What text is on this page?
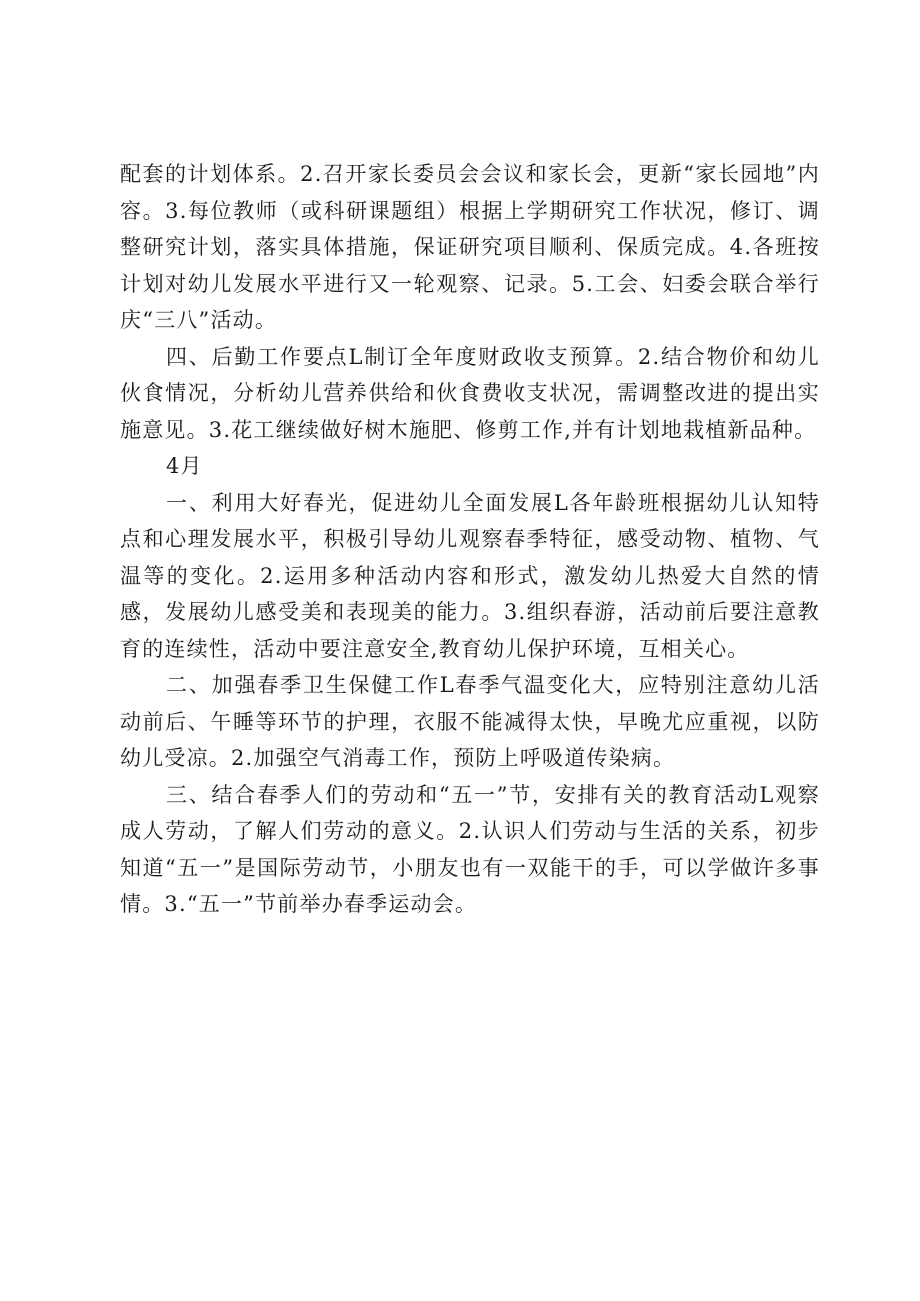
配套的计划体系。2.召开家长委员会会议和家长会，更新“家长园地”内容。3.每位教师（或科研课题组）根据上学期研究工作状况，修订、调整研究计划，落实具体措施，保证研究项目顺利、保质完成。4.各班按计划对幼儿发展水平进行又一轮观察、记录。5.工会、妇委会联合举行庆“三八”活动。

四、后勤工作要点L制订全年度财政收支预算。2.结合物价和幼儿伙食情况，分析幼儿营养供给和伙食费收支状况，需调整改进的提出实施意见。3.花工继续做好树木施肥、修剪工作,并有计划地栽植新品种。

4月

一、利用大好春光，促进幼儿全面发展L各年龄班根据幼儿认知特点和心理发展水平，积极引导幼儿观察春季特征，感受动物、植物、气温等的变化。2.运用多种活动内容和形式，激发幼儿热爱大自然的情感，发展幼儿感受美和表现美的能力。3.组织春游，活动前后要注意教育的连续性，活动中要注意安全,教育幼儿保护环境，互相关心。

二、加强春季卫生保健工作L春季气温变化大，应特别注意幼儿活动前后、午睡等环节的护理，衣服不能减得太快，早晚尤应重视，以防幼儿受凉。2.加强空气消毒工作，预防上呼吸道传染病。

三、结合春季人们的劳动和“五一”节，安排有关的教育活动L观察成人劳动，了解人们劳动的意义。2.认识人们劳动与生活的关系，初步知道“五一”是国际劳动节，小朋友也有一双能干的手，可以学做许多事情。3.“五一”节前举办春季运动会。
